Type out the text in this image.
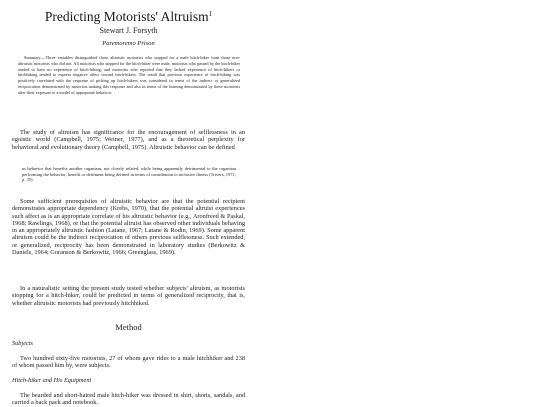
Predicting Motorists' Altruism$^1$
Stewart J. Forsyth
Paremoremo Prison

Summary.—Three variables distinguished those altruistic motorists who stopped for a male hitch-hiker from those non-altruistic motorists who did not. All motorists who stopped for the hitch-hiker were male, motorists who passed by the hitch-hiker tended to have no experience of hitch-hiking, and motorists who reported that they lacked experience of hitch-hikers or hitchhiking tended to express negative affect toward hitch-hikers. The result that previous experience of hitch-hiking was positively correlated with the response of picking up hitch-hikers was considered in terms of the indirect or generalized reciprocation demonstrated by motorists making this response and also in terms of the learning demonstrated by these motorists after their exposure to a model of appropriate behavior.

The study of altruism has significance for the encouragement of selflessness in an egoistic world (Campbell, 1975; Weiner, 1977), and as a theoretical perplexity for behavioral and evolutionary theory (Campbell, 1975). Altruistic behavior can be defined

as behavior that benefits another organism, not closely related, while being apparently detrimental to the organism performing the behavior, benefit or detriment being defined in terms of contribution to inclusive fitness (Trivers, 1971; p. 35).

Some sufficient prerequisites of altruistic behavior are that the potential recipient demonstrates appropriate dependency (Krebs, 1970), that the potential altruist experiences such affect as is an appropriate correlate of his altruistic behavior (e.g., Aronfreed & Paskal, 1968; Rawlings, 1968), or that the potential altruist has observed other individuals behaving in an appropriately altruistic fashion (Latane, 1967; Latane & Rodin, 1969). Some apparent altruism could be the indirect reciprocation of others previous selflessness. Such extended, or generalized, reciprocity has been demonstrated in laboratory studies (Berkowitz & Daniels, 1964; Goranson & Berkowitz, 1966; Greenglass, 1969).

In a naturalistic setting the present study tested whether subjects' altruism, as motorists stopping for a hitch-hiker, could be predicted in terms of generalized reciprocity, that is, whether altruistic motorists had previously hitchhiked.

Method
Subjects

Two hundred sixty-five motorists, 27 of whom gave rides to a male hitchhiker and 238 of whom passed him by, were subjects.

Hitch-hiker and His Equipment

The bearded and short-haired male hitch-hiker was dressed in shirt, shorts, sandals, and carried a back pack and notebook.
